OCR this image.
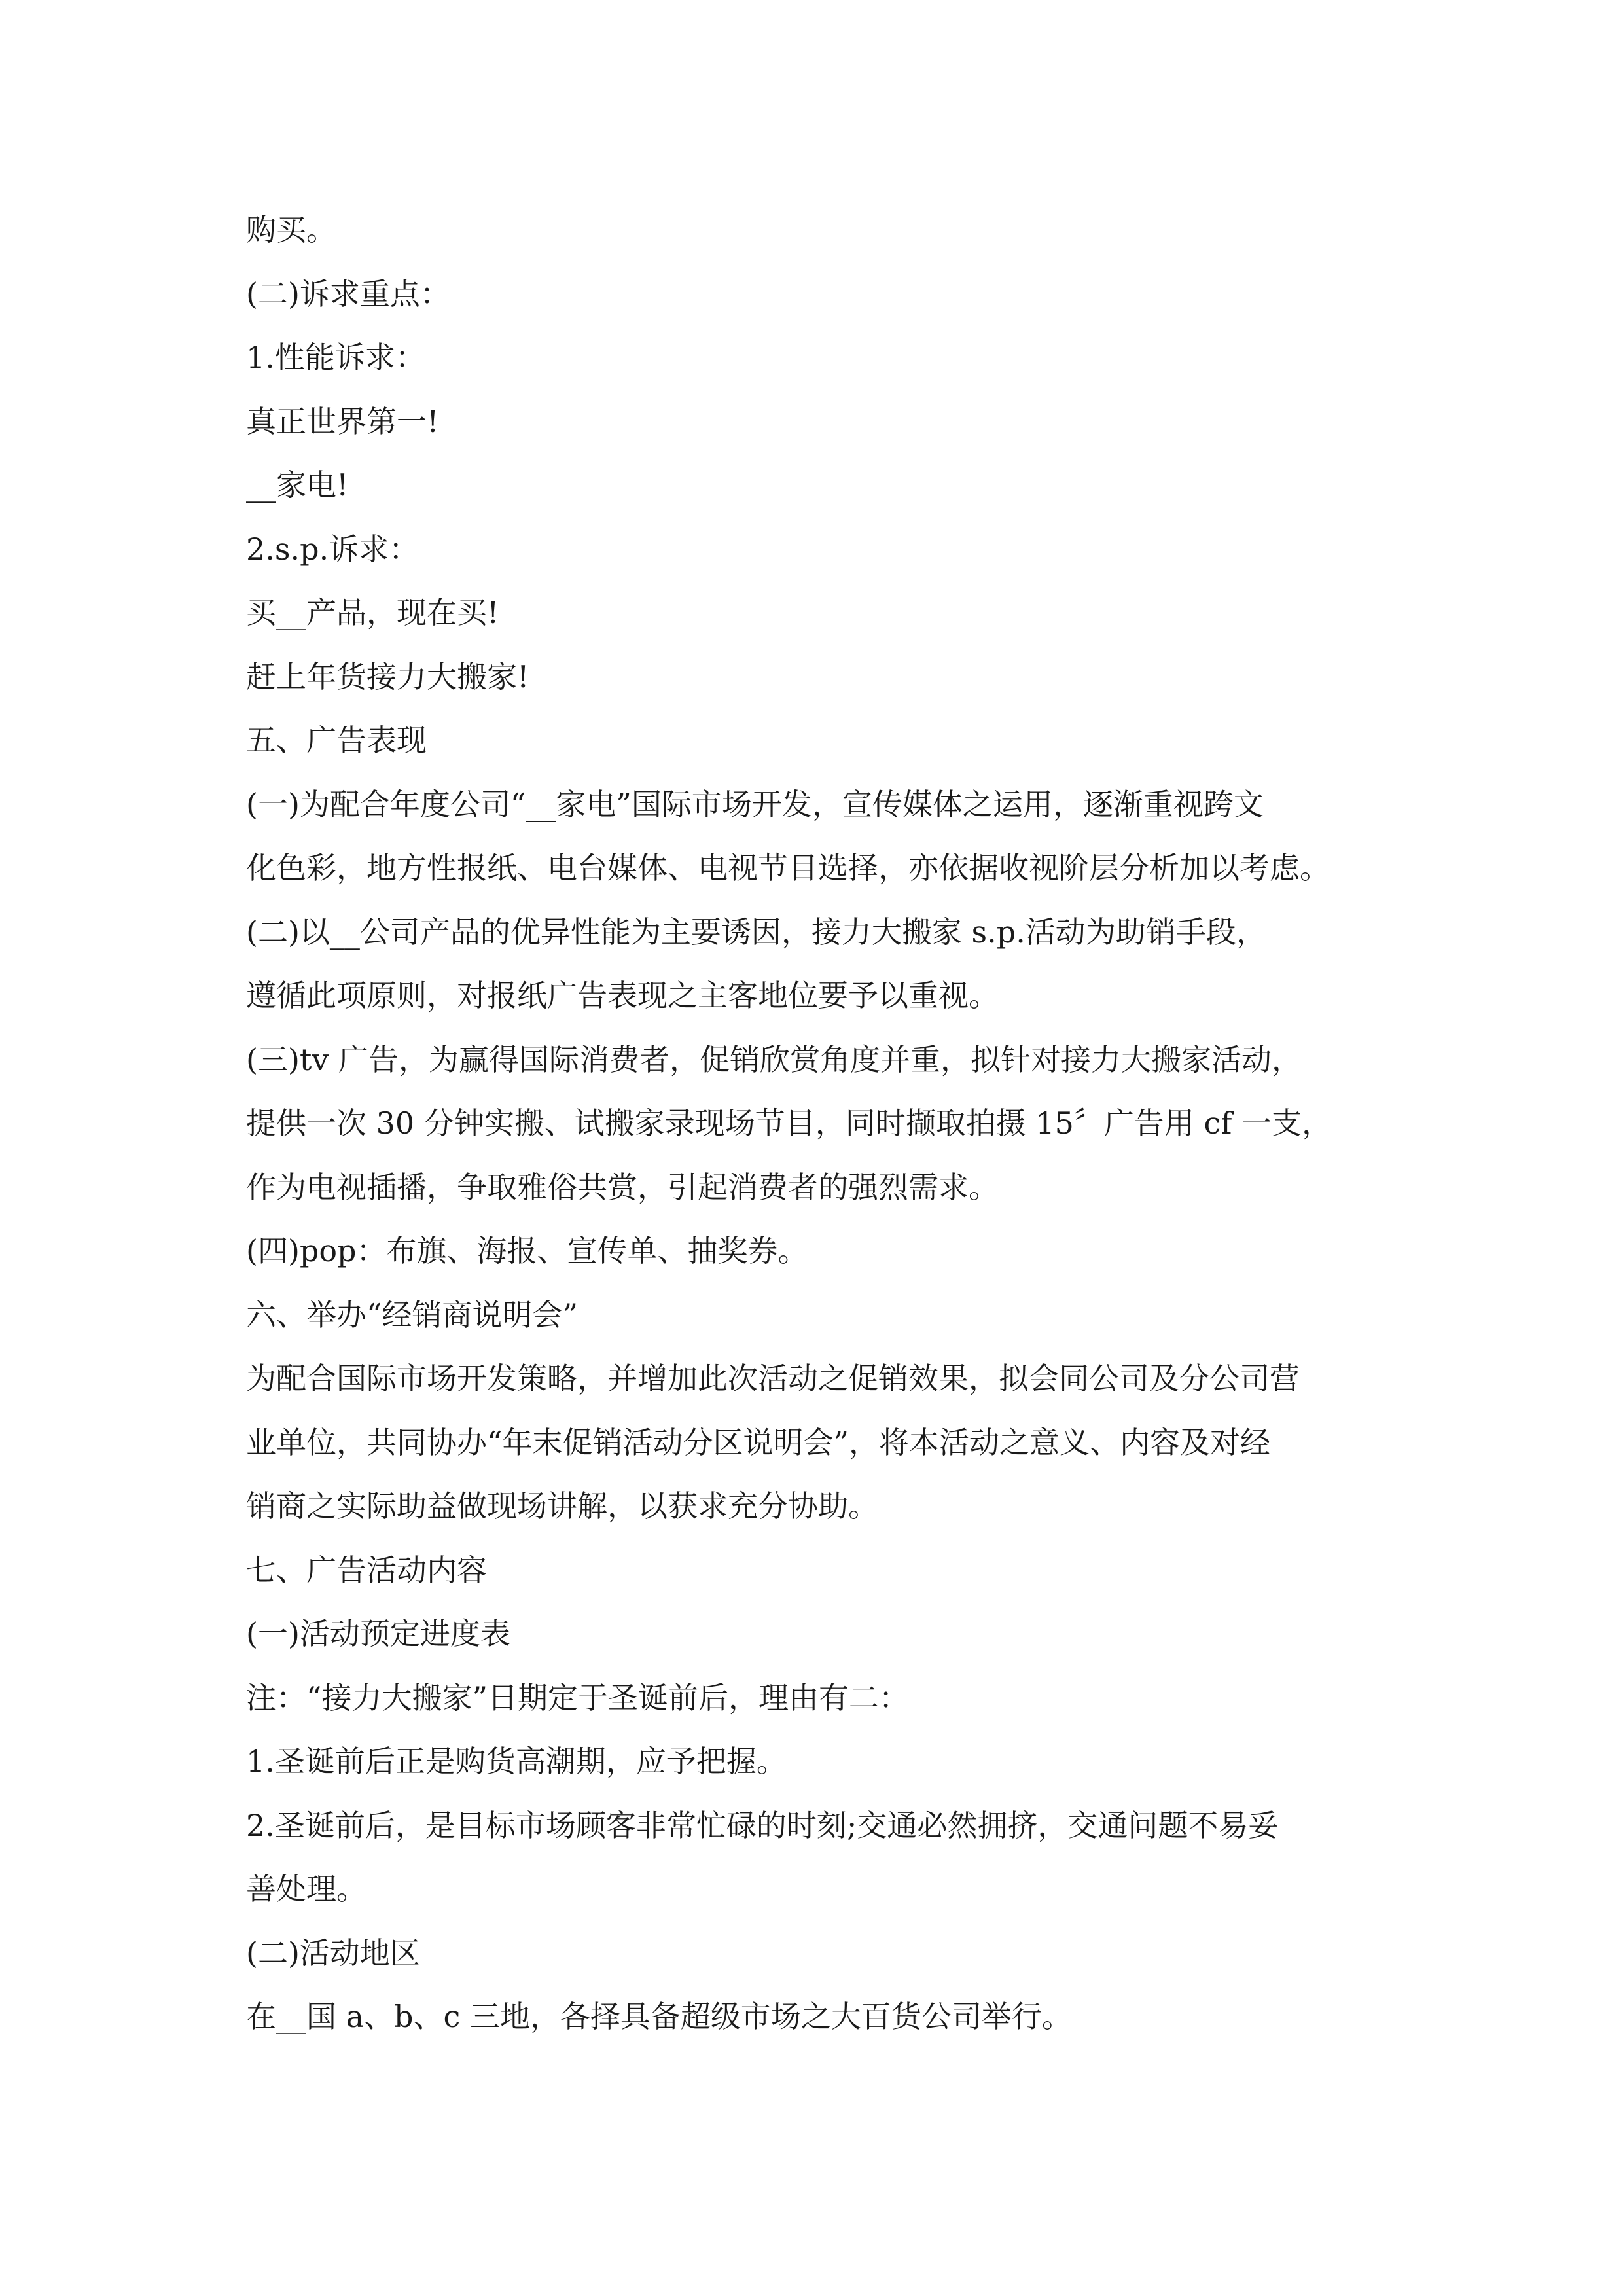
购买。
(二)诉求重点：
1.性能诉求：
真正世界第一!
__家电!
2.s.p.诉求：
买__产品，现在买!
赶上年货接力大搬家!
五、广告表现
(一)为配合年度公司“__家电”国际市场开发，宣传媒体之运用，逐渐重视跨文
化色彩，地方性报纸、电台媒体、电视节目选择，亦依据收视阶层分析加以考虑。
(二)以__公司产品的优异性能为主要诱因，接力大搬家 s.p.活动为助销手段，
遵循此项原则，对报纸广告表现之主客地位要予以重视。
(三)tv 广告，为赢得国际消费者，促销欣赏角度并重，拟针对接力大搬家活动，
提供一次 30 分钟实搬、试搬家录现场节目，同时撷取拍摄 15〞广告用 cf 一支，
作为电视插播，争取雅俗共赏，引起消费者的强烈需求。
(四)pop：布旗、海报、宣传单、抽奖券。
六、举办“经销商说明会”
为配合国际市场开发策略，并增加此次活动之促销效果，拟会同公司及分公司营
业单位，共同协办“年末促销活动分区说明会”，将本活动之意义、内容及对经
销商之实际助益做现场讲解，以获求充分协助。
七、广告活动内容
(一)活动预定进度表
注：“接力大搬家”日期定于圣诞前后，理由有二：
1.圣诞前后正是购货高潮期，应予把握。
2.圣诞前后，是目标市场顾客非常忙碌的时刻;交通必然拥挤，交通问题不易妥
善处理。
(二)活动地区
在__国 a、b、c 三地，各择具备超级市场之大百货公司举行。
